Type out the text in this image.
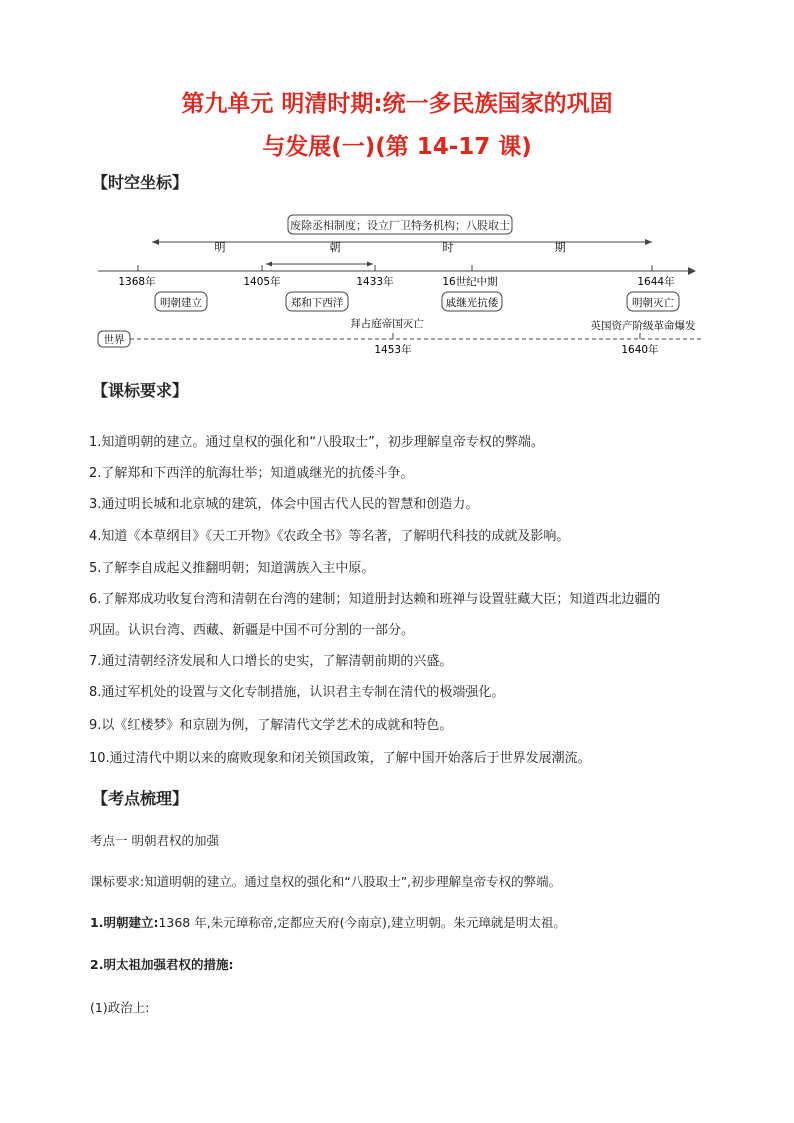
第九单元 明清时期:统一多民族国家的巩固
与发展(一)(第 14-17 课)
【时空坐标】
废除丞相制度；设立厂卫特务机构；八股取士
明	朝	时	期
1368年	1405年	1433年	16世纪中期	1644年
明朝建立	郑和下西洋	戚继光抗倭	明朝灭亡
拜占庭帝国灭亡	英国资产阶级革命爆发
世界
1453年	1640年
【课标要求】
1.知道明朝的建立。通过皇权的强化和“八股取士”，初步理解皇帝专权的弊端。
2.了解郑和下西洋的航海壮举；知道戚继光的抗倭斗争。
3.通过明长城和北京城的建筑，体会中国古代人民的智慧和创造力。
4.知道《本草纲目》《天工开物》《农政全书》等名著，了解明代科技的成就及影响。
5.了解李自成起义推翻明朝；知道满族入主中原。
6.了解郑成功收复台湾和清朝在台湾的建制；知道册封达赖和班禅与设置驻藏大臣；知道西北边疆的
巩固。认识台湾、西藏、新疆是中国不可分割的一部分。
7.通过清朝经济发展和人口增长的史实，了解清朝前期的兴盛。
8.通过军机处的设置与文化专制措施，认识君主专制在清代的极端强化。
9.以《红楼梦》和京剧为例，了解清代文学艺术的成就和特色。
10.通过清代中期以来的腐败现象和闭关锁国政策，了解中国开始落后于世界发展潮流。
【考点梳理】
考点一 明朝君权的加强
课标要求:知道明朝的建立。通过皇权的强化和“八股取士”,初步理解皇帝专权的弊端。
1.明朝建立:1368 年,朱元璋称帝,定都应天府(今南京),建立明朝。朱元璋就是明太祖。
2.明太祖加强君权的措施:
(1)政治上:
